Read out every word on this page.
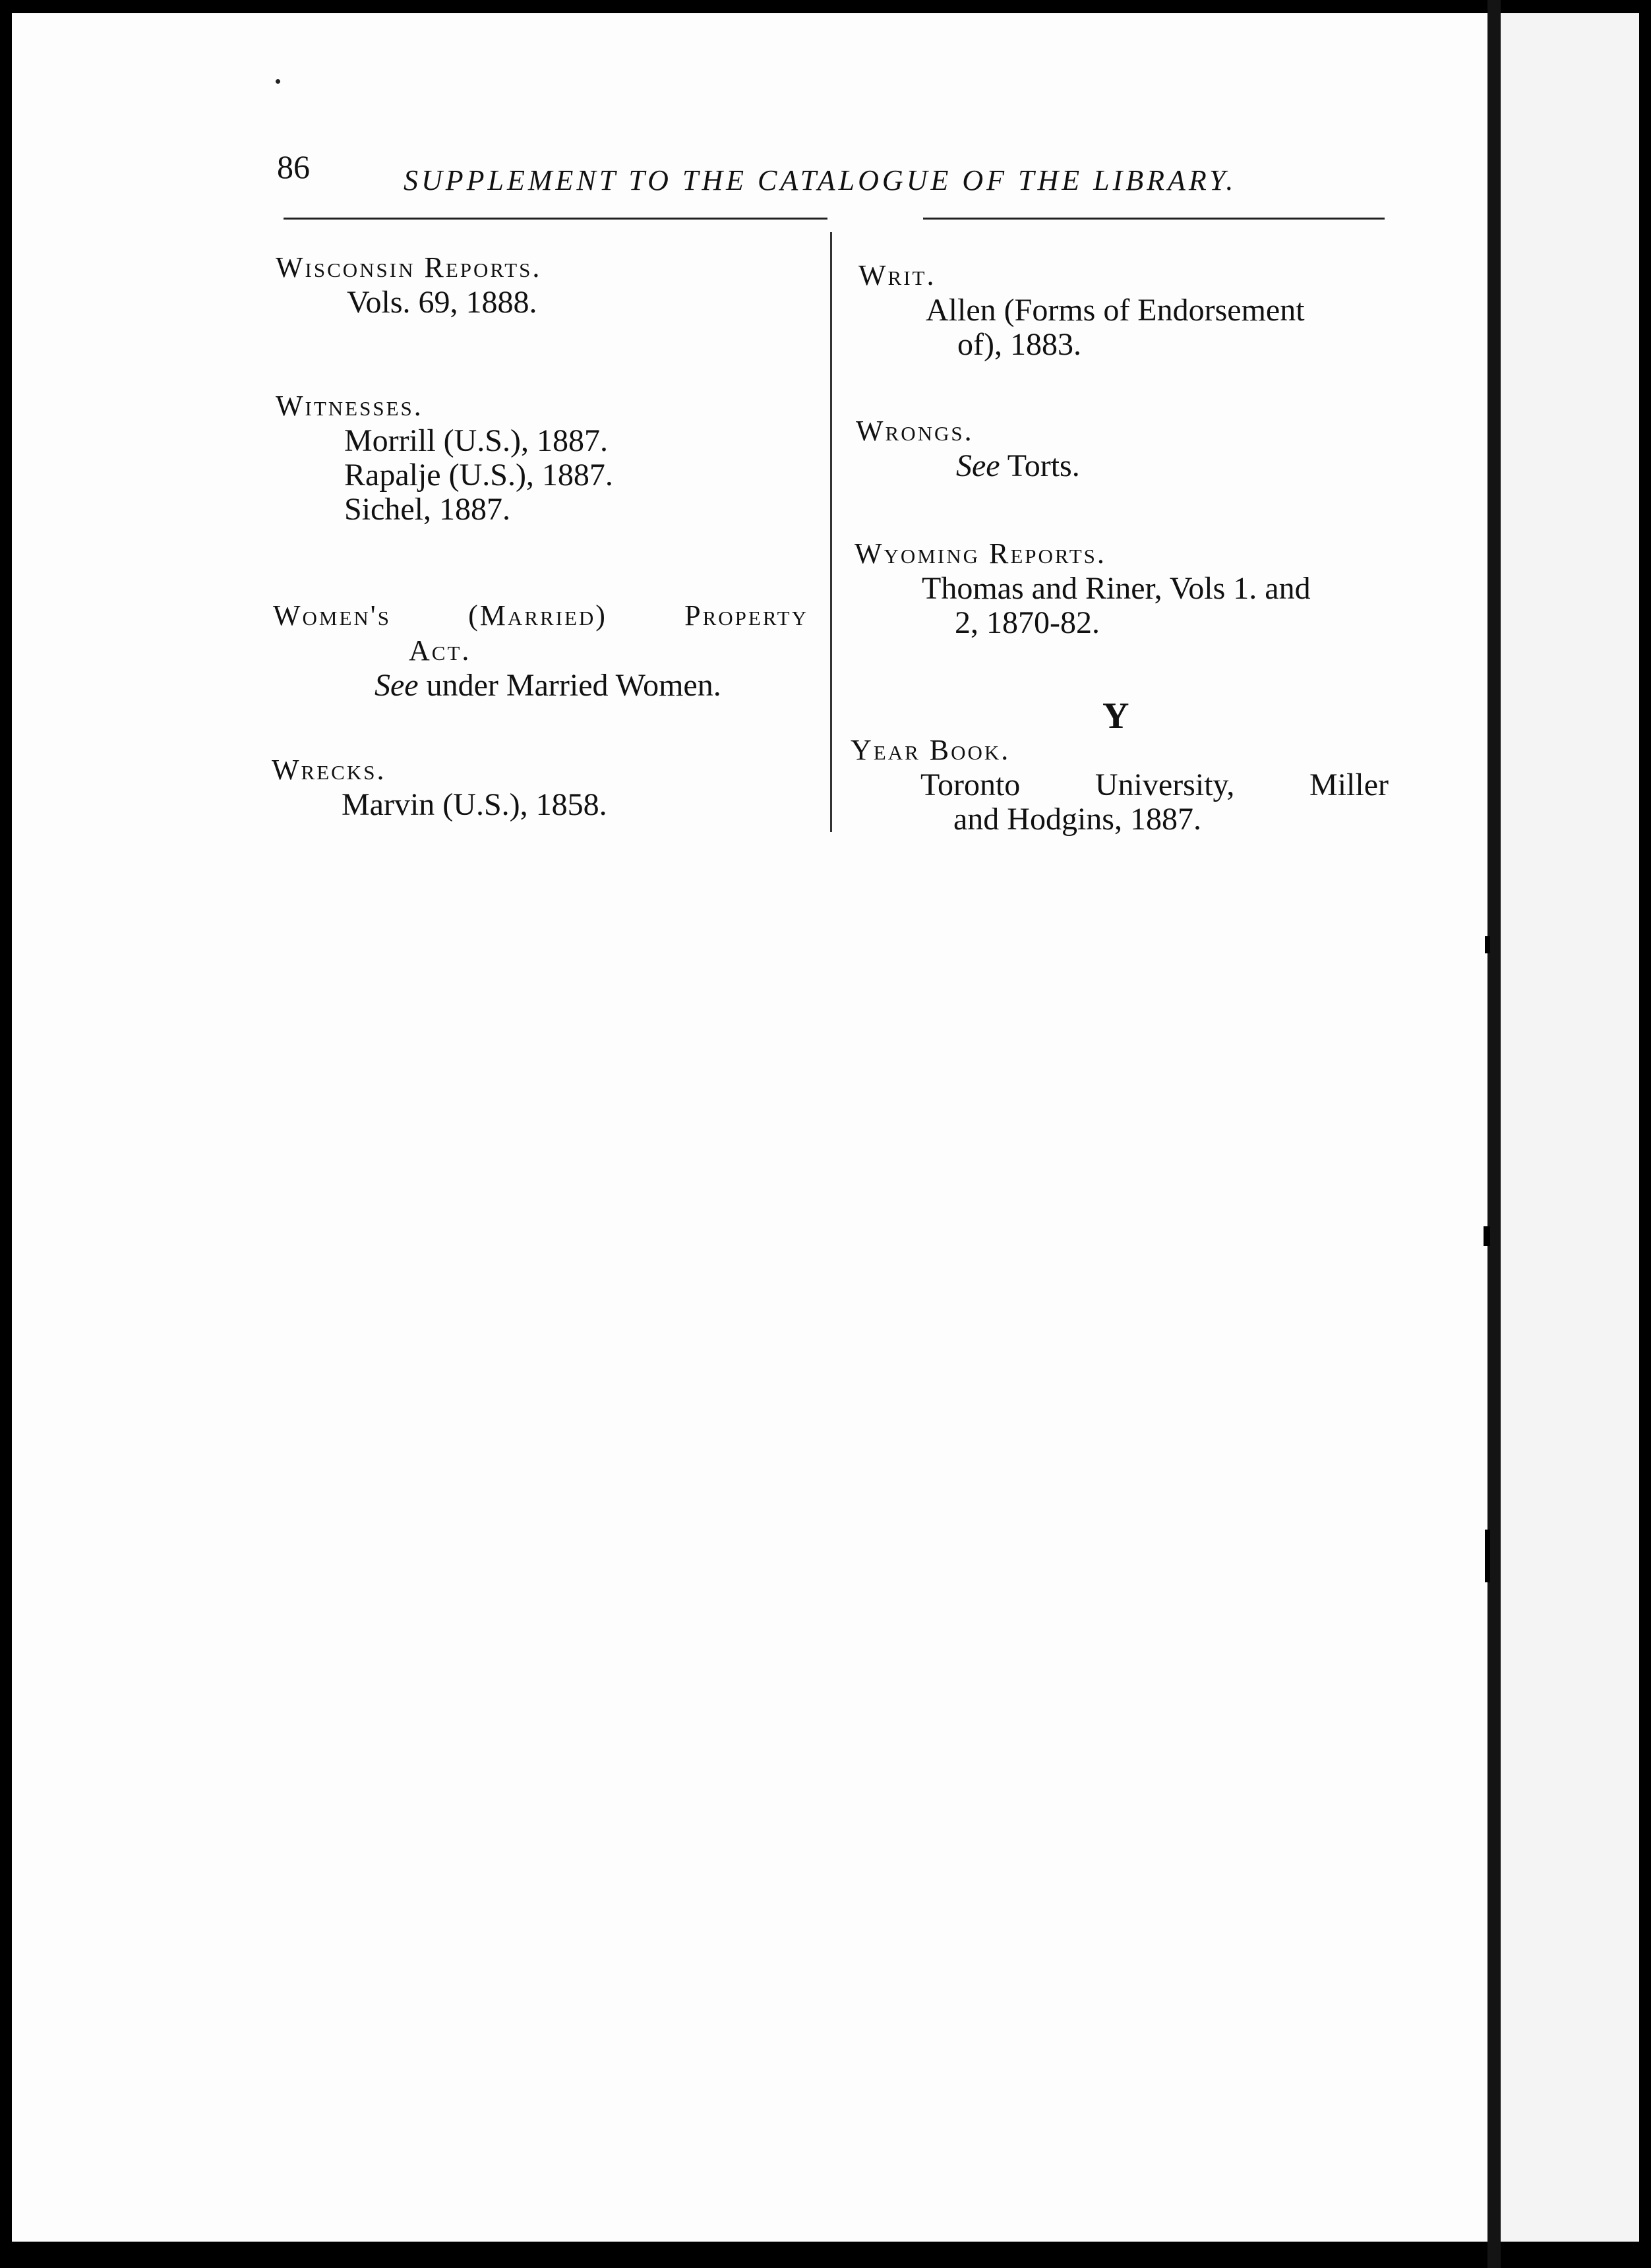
86	SUPPLEMENT TO THE CATALOGUE OF THE LIBRARY.
Wisconsin Reports.
Vols. 69, 1888.
Witnesses.
Morrill (U.S.), 1887.
Rapalje (U.S.), 1887.
Sichel, 1887.
Women's	(Married)	Property
Act.
See under Married Women.
Wrecks.
Marvin (U.S.), 1858.
Writ.
Allen (Forms of Endorsement
of), 1883.
Wrongs.
See Torts.
Wyoming Reports.
Thomas and Riner, Vols 1. and
2, 1870-82.
Y
Year Book.
Toronto University, Miller
and Hodgins, 1887.
